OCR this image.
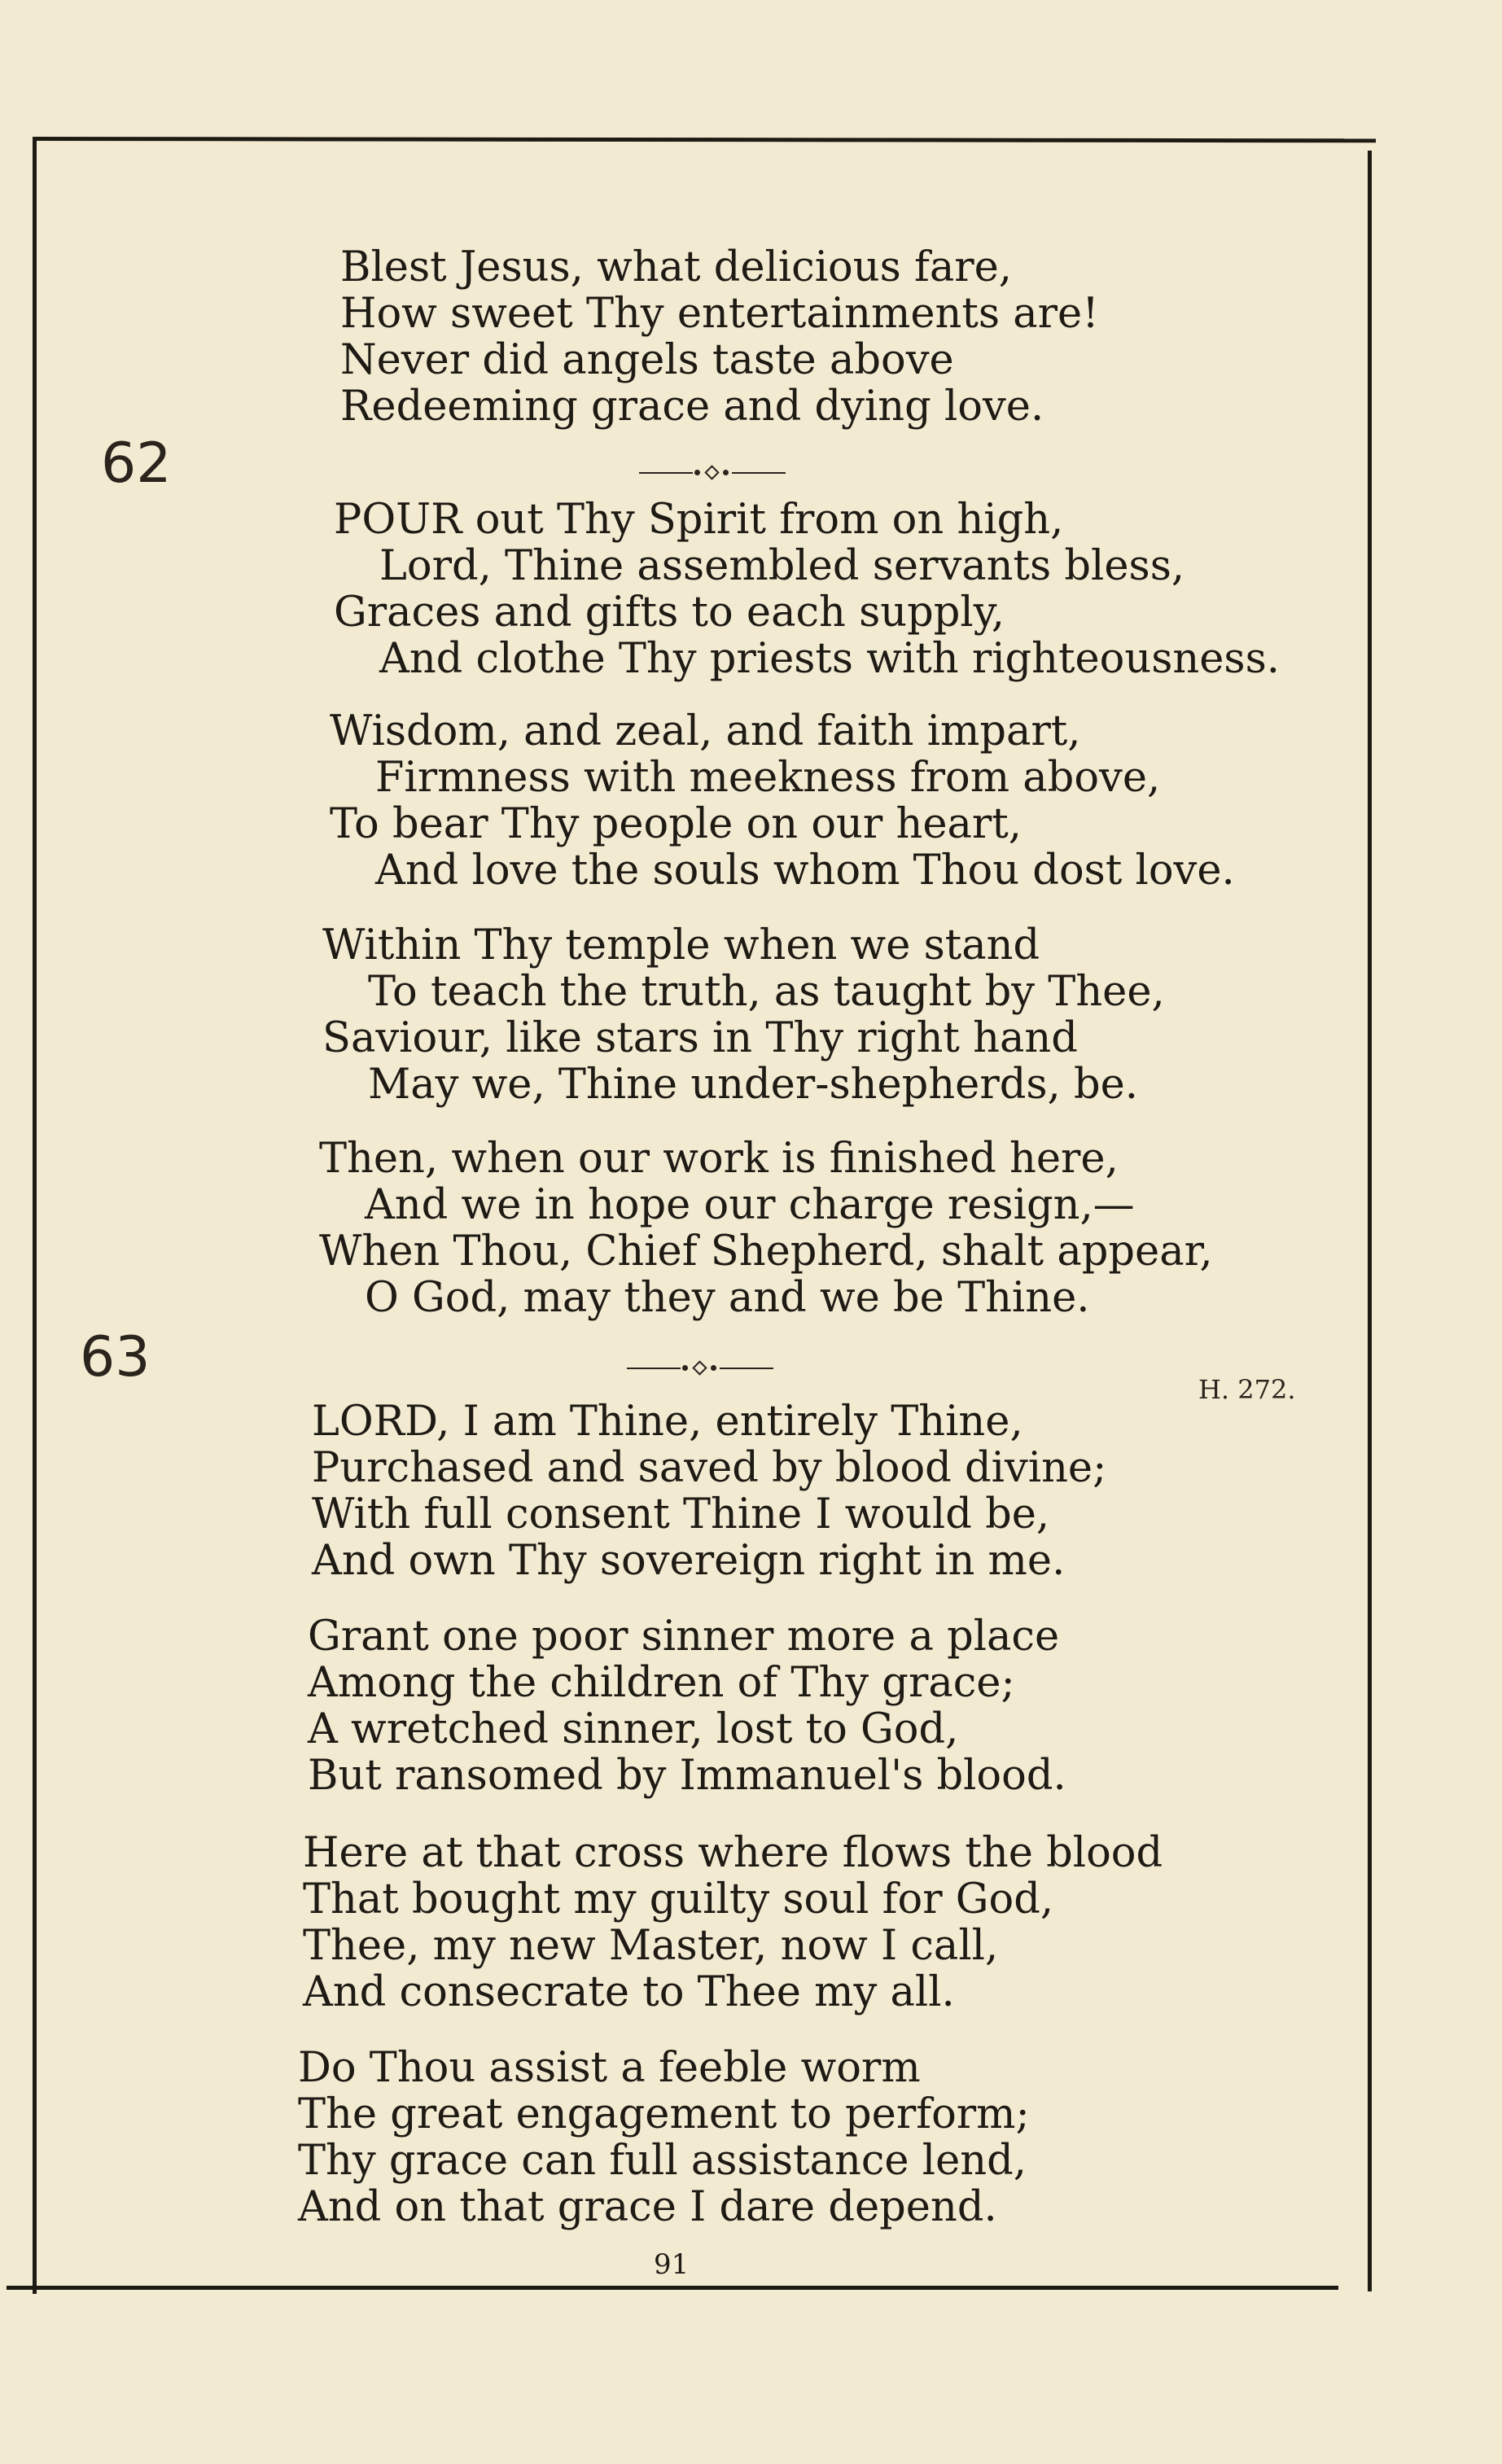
Blest Jesus, what delicious fare,
How sweet Thy entertainments are!
Never did angels taste above
Redeeming grace and dying love.
62
POUR out Thy Spirit from on high,
Lord, Thine assembled servants bless,
Graces and gifts to each supply,
And clothe Thy priests with righteousness.
Wisdom, and zeal, and faith impart,
Firmness with meekness from above,
To bear Thy people on our heart,
And love the souls whom Thou dost love.
Within Thy temple when we stand
To teach the truth, as taught by Thee,
Saviour, like stars in Thy right hand
May we, Thine under-shepherds, be.
Then, when our work is finished here,
And we in hope our charge resign,—
When Thou, Chief Shepherd, shalt appear,
O God, may they and we be Thine.
63	H. 272.
LORD, I am Thine, entirely Thine,
Purchased and saved by blood divine;
With full consent Thine I would be,
And own Thy sovereign right in me.
Grant one poor sinner more a place
Among the children of Thy grace;
A wretched sinner, lost to God,
But ransomed by Immanuel's blood.
Here at that cross where flows the blood
That bought my guilty soul for God,
Thee, my new Master, now I call,
And consecrate to Thee my all.
Do Thou assist a feeble worm
The great engagement to perform;
Thy grace can full assistance lend,
And on that grace I dare depend.
91
